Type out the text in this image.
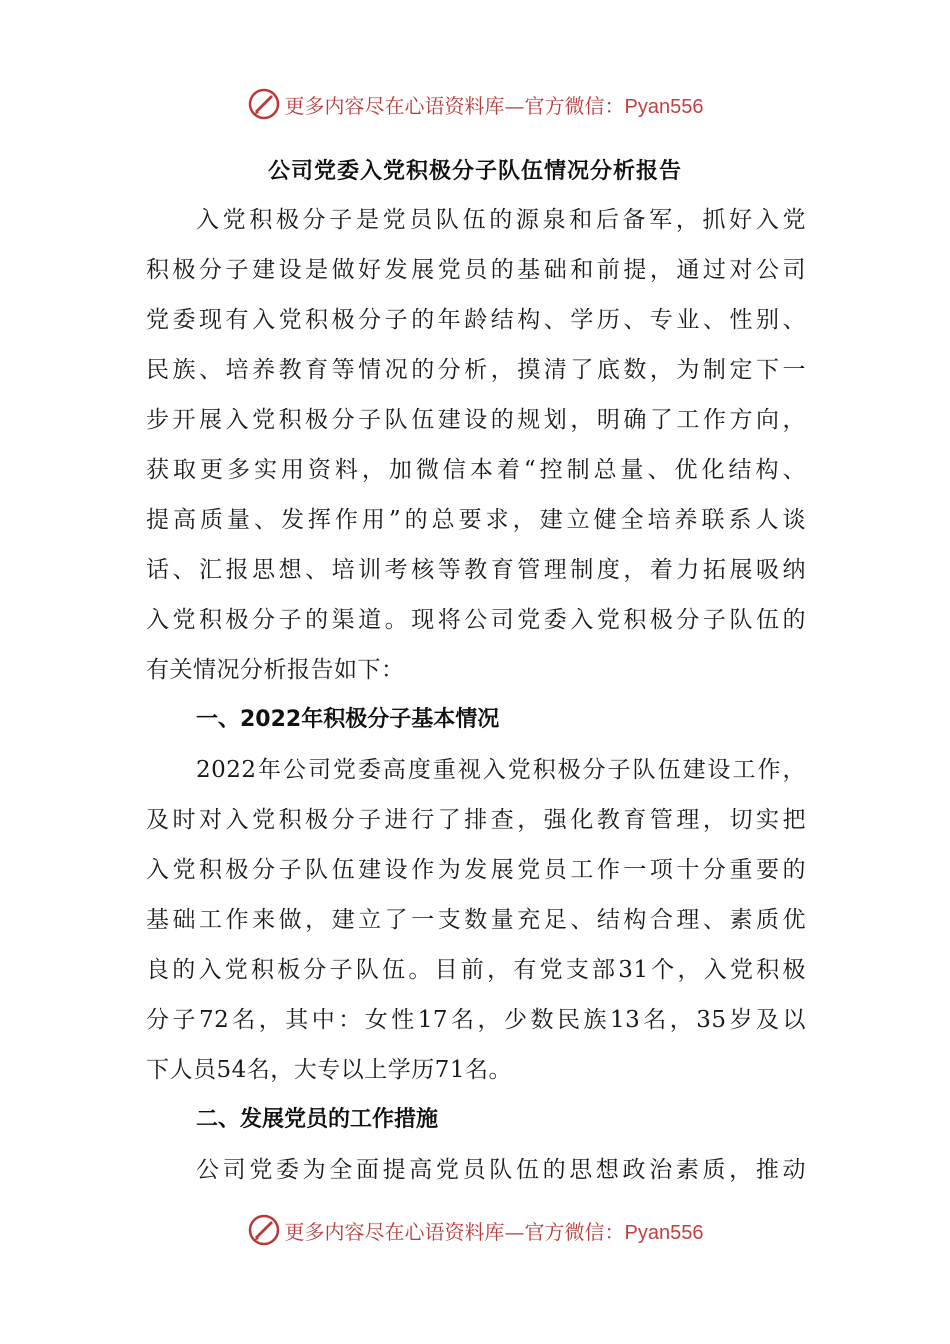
更多内容尽在心语资料库—官方微信：Pyan556
公司党委入党积极分子队伍情况分析报告
入党积极分子是党员队伍的源泉和后备军，抓好入党
积极分子建设是做好发展党员的基础和前提，通过对公司
党委现有入党积极分子的年龄结构、学历、专业、性别、
民族、培养教育等情况的分析，摸清了底数，为制定下一
步开展入党积极分子队伍建设的规划，明确了工作方向，
获取更多实用资料，加微信本着“控制总量、优化结构、
提高质量、发挥作用”的总要求，建立健全培养联系人谈
话、汇报思想、培训考核等教育管理制度，着力拓展吸纳
入党积极分子的渠道。现将公司党委入党积极分子队伍的
有关情况分析报告如下：
一、2022年积极分子基本情况
2022年公司党委高度重视入党积极分子队伍建设工作，
及时对入党积极分子进行了排查，强化教育管理，切实把
入党积极分子队伍建设作为发展党员工作一项十分重要的
基础工作来做，建立了一支数量充足、结构合理、素质优
良的入党积板分子队伍。目前，有党支部31个，入党积极
分子72名，其中：女性17名，少数民族13名，35岁及以
下人员54名，大专以上学历71名。
二、发展党员的工作措施
公司党委为全面提高党员队伍的思想政治素质，推动
更多内容尽在心语资料库—官方微信：Pyan556
